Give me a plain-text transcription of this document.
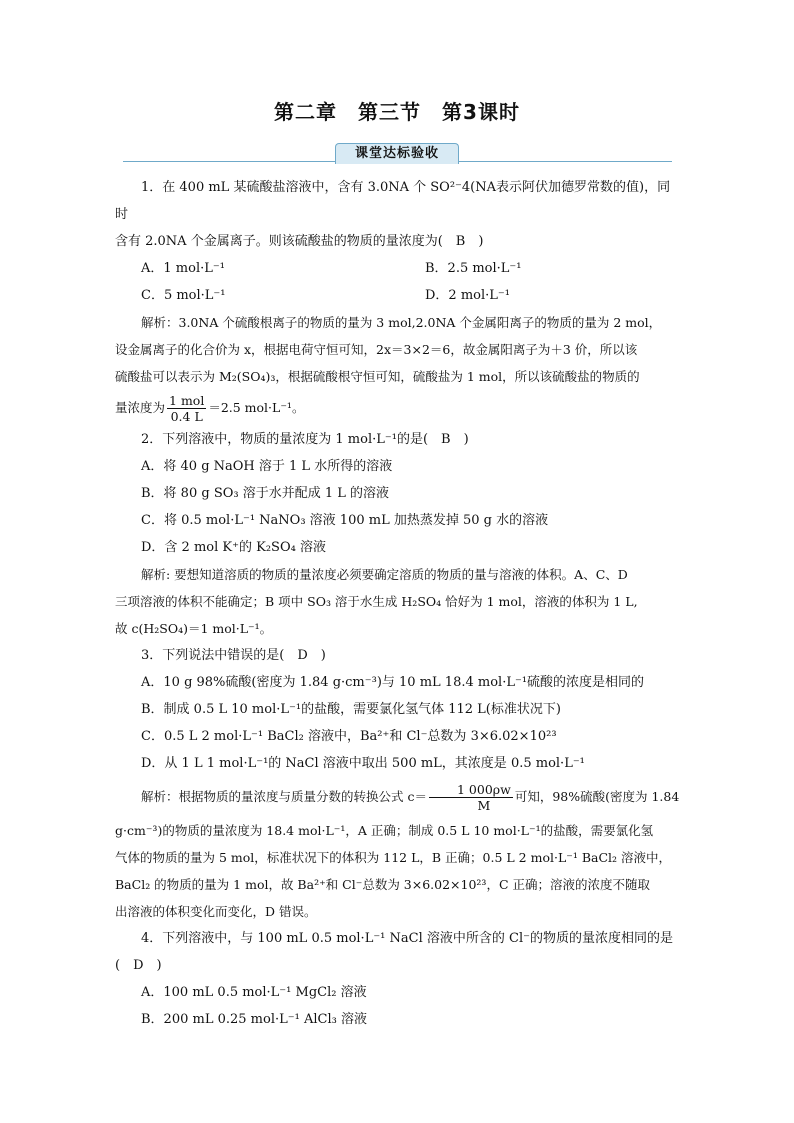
第二章　第三节　第3课时
课堂达标验收

1．在 400 mL 某硫酸盐溶液中，含有 3.0NA 个 SO²⁻4(NA表示阿伏加德罗常数的值)，同时

含有 2.0NA 个金属离子。则该硫酸盐的物质的量浓度为(　B　)

A．1 mol·L⁻¹	B．2.5 mol·L⁻¹

C．5 mol·L⁻¹	D．2 mol·L⁻¹

解析：3.0NA 个硫酸根离子的物质的量为 3 mol,2.0NA 个金属阳离子的物质的量为 2 mol，

设金属离子的化合价为 x，根据电荷守恒可知，2x＝3×2＝6，故金属阳离子为＋3 价，所以该

硫酸盐可以表示为 M₂(SO₄)₃，根据硫酸根守恒可知，硫酸盐为 1 mol，所以该硫酸盐的物质的

量浓度为 $\frac{\text{1 mol}}{0.4 L} =2.5$ mol·L⁻¹。

2．下列溶液中，物质的量浓度为 1 mol·L⁻¹的是(　B　)

A．将 40 g NaOH 溶于 1 L 水所得的溶液

B．将 80 g SO₃ 溶于水并配成 1 L 的溶液

C．将 0.5 mol·L⁻¹ NaNO₃ 溶液 100 mL 加热蒸发掉 50 g 水的溶液

D．含 2 mol K⁺的 K₂SO₄ 溶液

解析: 要想知道溶质的物质的量浓度必须要确定溶质的物质的量与溶液的体积。A、C、D

三项溶液的体积不能确定；B 项中 SO₃ 溶于水生成 H₂SO₄ 恰好为 1 mol，溶液的体积为 1 L,

故 c(H₂SO₄)＝1 mol·L⁻¹。

3．下列说法中错误的是(　D　)

A．10 g 98%硫酸(密度为 1.84 g·cm⁻³)与 10 mL 18.4 mol·L⁻¹硫酸的浓度是相同的

B．制成 0.5 L 10 mol·L⁻¹的盐酸，需要氯化氢气体 112 L(标准状况下)

C．0.5 L 2 mol·L⁻¹ BaCl₂ 溶液中，Ba²⁺和 Cl⁻总数为 3×6.02×10²³

D．从 1 L 1 mol·L⁻¹的 NaCl 溶液中取出 500 mL，其浓度是 0.5 mol·L⁻¹

解析：根据物质的量浓度与质量分数的转换公式 $c= \frac{1 000\rho w}{M}$ 可知，98%硫酸(密度为 1.84

g·cm⁻³)的物质的量浓度为 18.4 mol·L⁻¹，A 正确；制成 0.5 L 10 mol·L⁻¹的盐酸，需要氯化氢

气体的物质的量为 5 mol，标准状况下的体积为 112 L，B 正确；0.5 L 2 mol·L⁻¹ BaCl₂ 溶液中，

BaCl₂ 的物质的量为 1 mol，故 Ba²⁺和 Cl⁻总数为 3×6.02×10²³，C 正确；溶液的浓度不随取

出溶液的体积变化而变化，D 错误。

4．下列溶液中，与 100 mL 0.5 mol·L⁻¹ NaCl 溶液中所含的 Cl⁻的物质的量浓度相同的是

(　D　)

A．100 mL 0.5 mol·L⁻¹ MgCl₂ 溶液

B．200 mL 0.25 mol·L⁻¹ AlCl₃ 溶液
